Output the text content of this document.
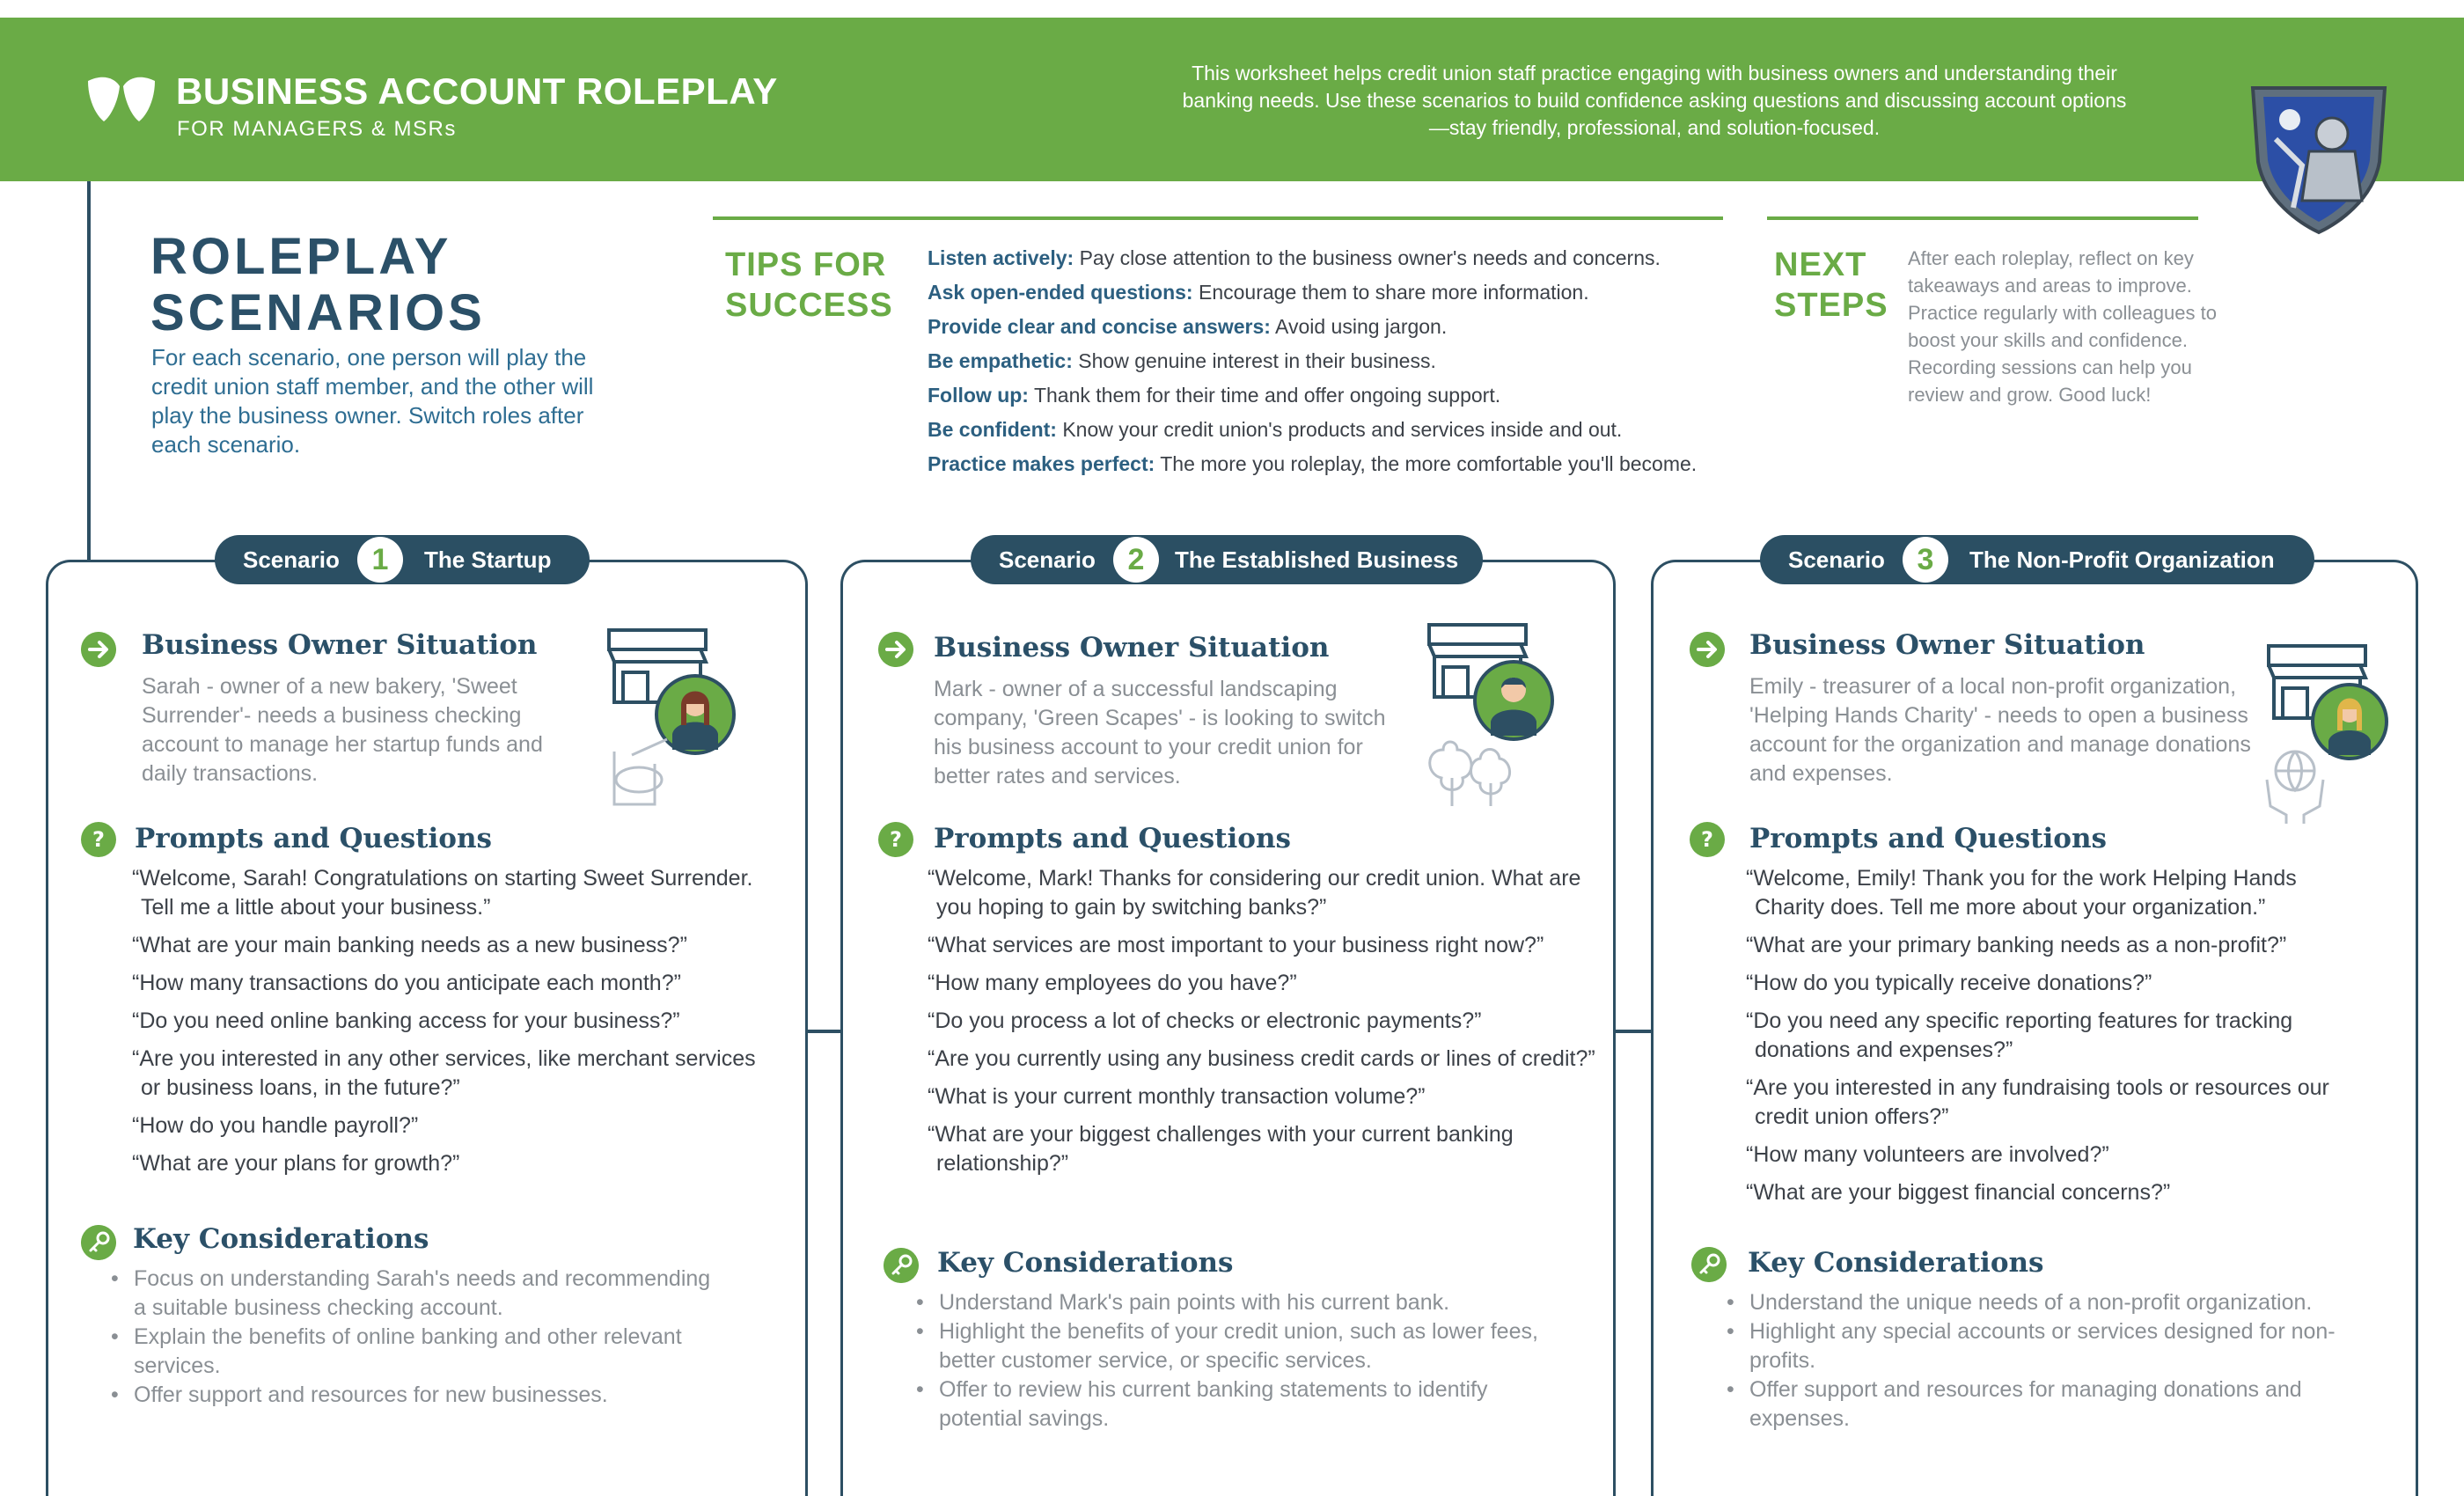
BUSINESS ACCOUNT ROLEPLAY
FOR MANAGERS & MSRs
This worksheet helps credit union staff practice engaging with business owners and understanding their banking needs. Use these scenarios to build confidence asking questions and discussing account options—stay friendly, professional, and solution-focused.
ROLEPLAY
SCENARIOS
For each scenario, one person will play the credit union staff member, and the other will play the business owner. Switch roles after each scenario.
TIPS FOR
SUCCESS
Listen actively: Pay close attention to the business owner's needs and concerns.
Ask open-ended questions: Encourage them to share more information.
Provide clear and concise answers: Avoid using jargon.
Be empathetic: Show genuine interest in their business.
Follow up: Thank them for their time and offer ongoing support.
Be confident: Know your credit union's products and services inside and out.
Practice makes perfect: The more you roleplay, the more comfortable you'll become.
NEXT
STEPS
After each roleplay, reflect on key takeaways and areas to improve. Practice regularly with colleagues to boost your skills and confidence. Recording sessions can help you review and grow. Good luck!
Scenario	1	The Startup
Business Owner Situation
Sarah - owner of a new bakery, 'Sweet Surrender'- needs a business checking account to manage her startup funds and daily transactions.
? Prompts and Questions
“Welcome, Sarah! Congratulations on starting Sweet Surrender. Tell me a little about your business.”
“What are your main banking needs as a new business?”
“How many transactions do you anticipate each month?”
“Do you need online banking access for your business?”
“Are you interested in any other services, like merchant services or business loans, in the future?”
“How do you handle payroll?”
“What are your plans for growth?”
Key Considerations
• Focus on understanding Sarah's needs and recommending a suitable business checking account.
• Explain the benefits of online banking and other relevant services.
• Offer support and resources for new businesses.
Scenario	2	The Established Business
Business Owner Situation
Mark - owner of a successful landscaping company, 'Green Scapes' - is looking to switch his business account to your credit union for better rates and services.
? Prompts and Questions
“Welcome, Mark! Thanks for considering our credit union. What are you hoping to gain by switching banks?”
“What services are most important to your business right now?”
“How many employees do you have?”
“Do you process a lot of checks or electronic payments?”
“Are you currently using any business credit cards or lines of credit?”
“What is your current monthly transaction volume?”
“What are your biggest challenges with your current banking relationship?”
Key Considerations
• Understand Mark's pain points with his current bank.
• Highlight the benefits of your credit union, such as lower fees, better customer service, or specific services.
• Offer to review his current banking statements to identify potential savings.
Scenario	3	The Non-Profit Organization
Business Owner Situation
Emily - treasurer of a local non-profit organization, 'Helping Hands Charity' - needs to open a business account for the organization and manage donations and expenses.
? Prompts and Questions
“Welcome, Emily! Thank you for the work Helping Hands Charity does. Tell me more about your organization.”
“What are your primary banking needs as a non-profit?”
“How do you typically receive donations?”
“Do you need any specific reporting features for tracking donations and expenses?”
“Are you interested in any fundraising tools or resources our credit union offers?”
“How many volunteers are involved?”
“What are your biggest financial concerns?”
Key Considerations
• Understand the unique needs of a non-profit organization.
• Highlight any special accounts or services designed for non-profits.
• Offer support and resources for managing donations and expenses.
